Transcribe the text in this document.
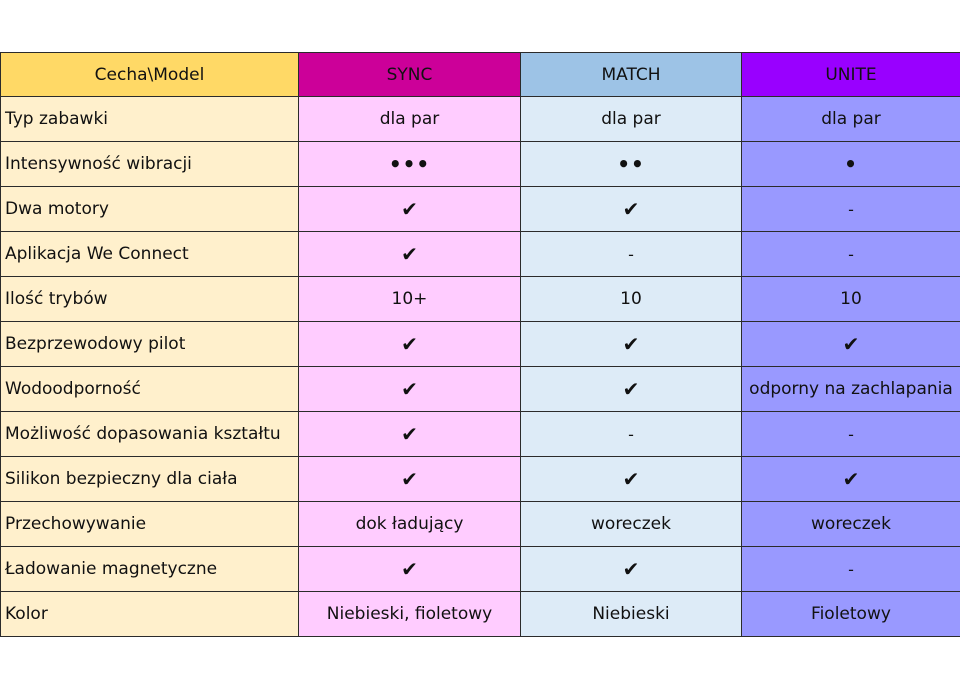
Cecha\Model	SYNC	MATCH	UNITE
Typ zabawki	dla par	dla par	dla par
Intensywność wibracji	•••	••	•
Dwa motory	✔	✔	-
Aplikacja We Connect	✔	-	-
Ilość trybów	10+	10	10
Bezprzewodowy pilot	✔	✔	✔
Wodoodporność	✔	✔	odporny na zachlapania
Możliwość dopasowania kształtu	✔	-	-
Silikon bezpieczny dla ciała	✔	✔	✔
Przechowywanie	dok ładujący	woreczek	woreczek
Ładowanie magnetyczne	✔	✔	-
Kolor	Niebieski, fioletowy	Niebieski	Fioletowy
